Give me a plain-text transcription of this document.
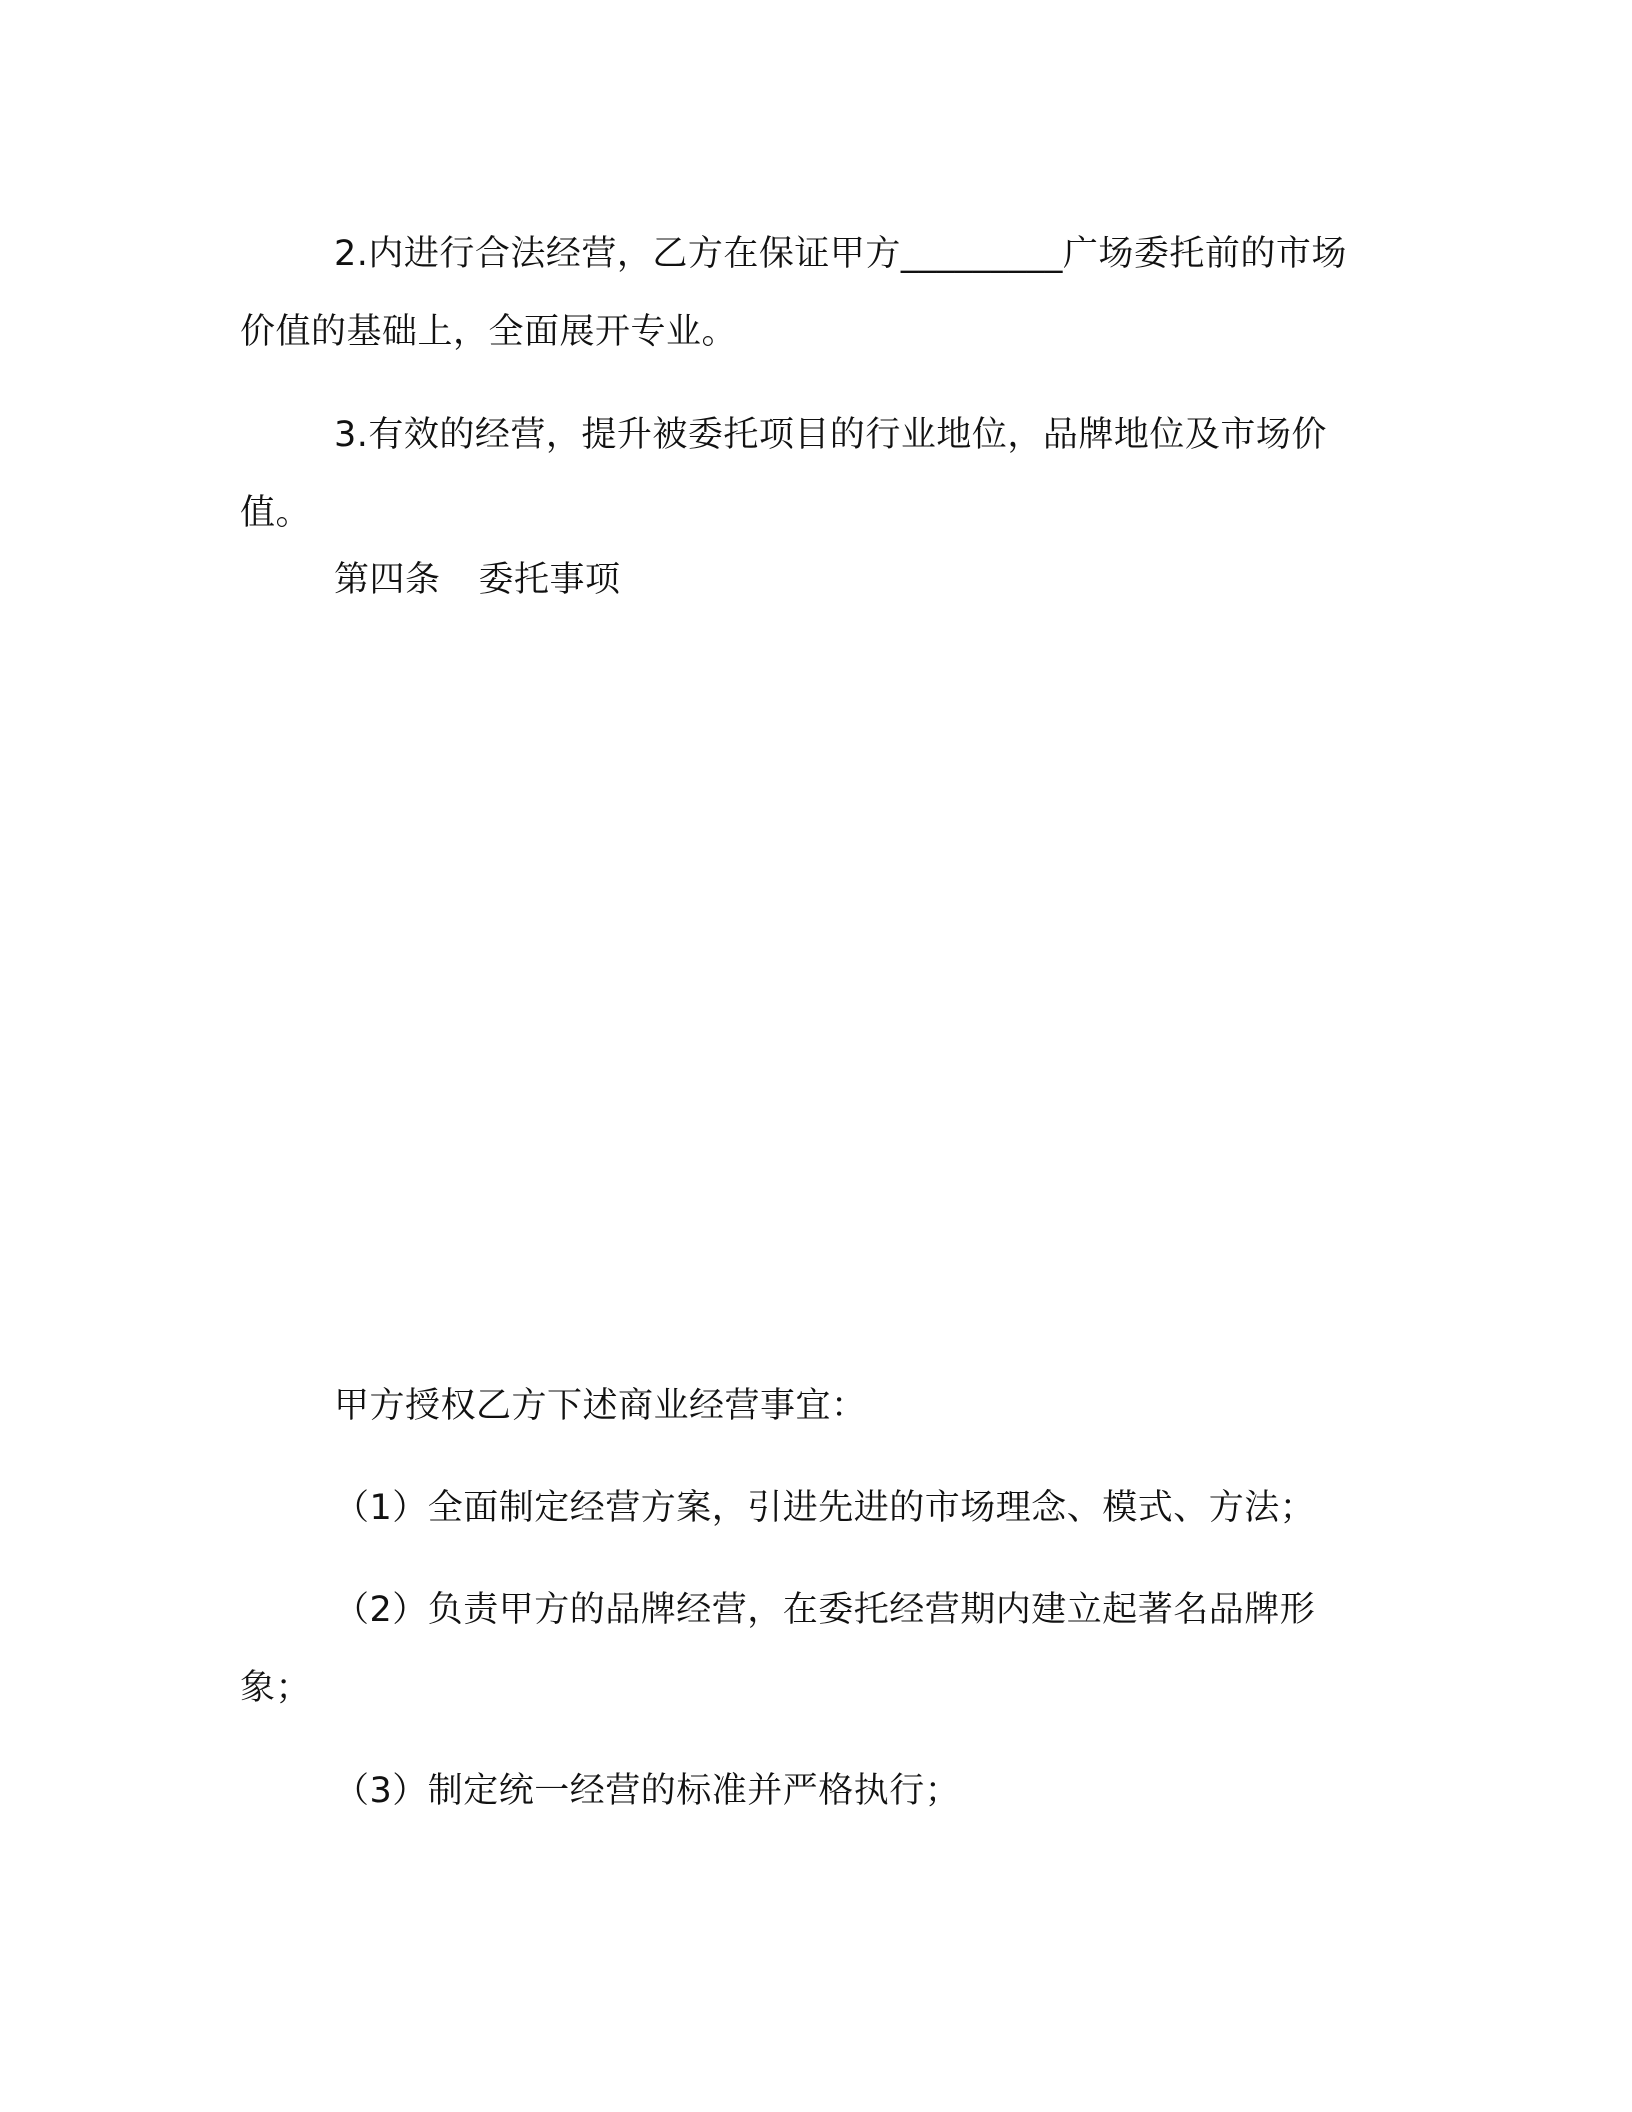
2.内进行合法经营，乙方在保证甲方_________广场委托前的市场价值的基础上，全面展开专业。

3.有效的经营，提升被委托项目的行业地位，品牌地位及市场价值。

第四条 委托事项

甲方授权乙方下述商业经营事宜：

（1）全面制定经营方案，引进先进的市场理念、模式、方法；

（2）负责甲方的品牌经营，在委托经营期内建立起著名品牌形象；

（3）制定统一经营的标准并严格执行；
